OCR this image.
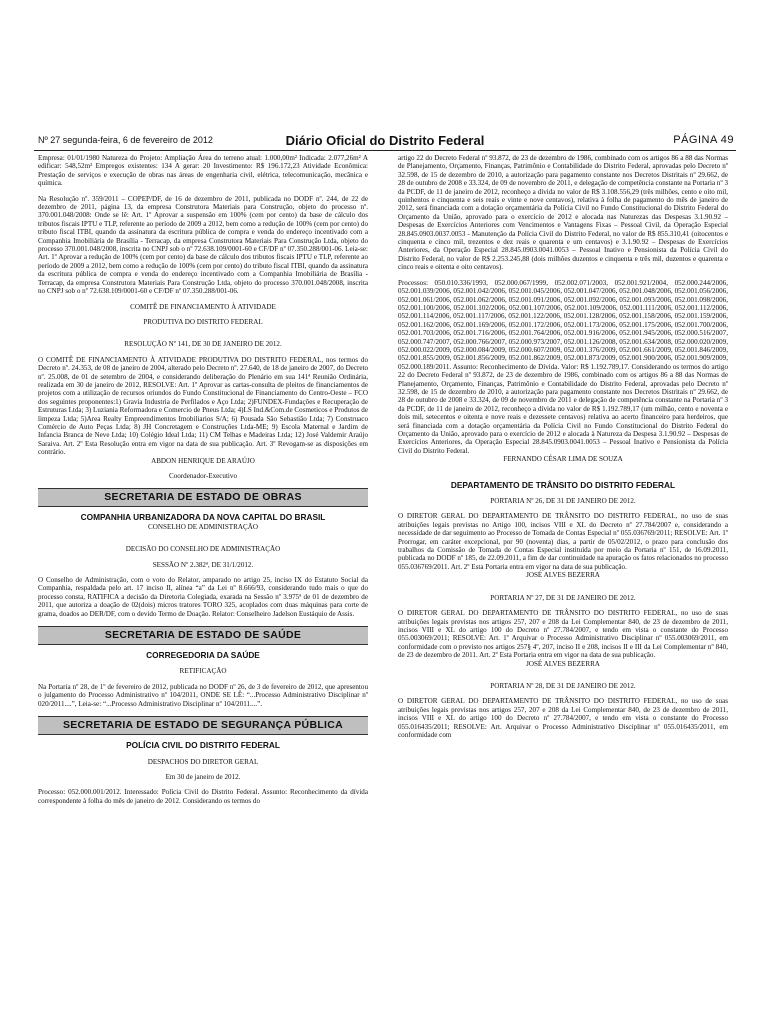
Nº 27 segunda-feira, 6 de fevereiro de 2012	Diário Oficial do Distrito Federal	PÁGINA 49

Empresa: 01/01/1980 Natureza do Projeto: Ampliação Área do terreno atual: 1.000,00m² Indicada: 2.077,26m² A edificar: 548,52m² Empregos existentes: 134 A gerar: 20 Investimento: R$ 196.172,23 Atividade Econômica: Prestação de serviços e execução de obras nas áreas de engenharia civil, elétrica, telecomunicação, mecânica e química.

Na Resolução nº. 359/2011 – COPEP/DF, de 16 de dezembro de 2011, publicada no DODF nº. 244, de 22 de dezembro de 2011, página 13, da empresa Construtora Materiais para Construção, objeto do processo nº. 370.001.048/2008: Onde se lê: Art. 1º Aprovar a suspensão em 100% (cem por cento) da base de cálculo dos tributos fiscais IPTU e TLP, referente ao período de 2009 a 2012, bem como a redução de 100% (cem por cento) do tributo fiscal ITBI, quando da assinatura da escritura pública de compra e venda do endereço incentivado com a Companhia Imobiliária de Brasília - Terracap, da empresa Construtora Materiais Para Construção Ltda, objeto do processo 370.001.048/2008, inscrita no CNPJ sob o nº 72.638.109/0001-60 e CF/DF nº 07.350.288/001-06. Leia-se: Art. 1º Aprovar a redução de 100% (cem por cento) da base de cálculo dos tributos fiscais IPTU e TLP, referente ao período de 2009 a 2012, bem como a redução de 100% (cem por cento) do tributo fiscal ITBI, quando da assinatura da escritura pública de compra e venda do endereço incentivado com a Companhia Imobiliária de Brasília - Terracap, da empresa Construtora Materiais Para Construção Ltda, objeto do processo 370.001.048/2008, inscrita no CNPJ sob o nº 72.638.109/0001-60 e CF/DF nº 07.350.288/001-06.

COMITÊ DE FINANCIAMENTO À ATIVIDADE

PRODUTIVA DO DISTRITO FEDERAL

RESOLUÇÃO Nº 141, DE 30 DE JANEIRO DE 2012.

O COMITÊ DE FINANCIAMENTO À ATIVIDADE PRODUTIVA DO DISTRITO FEDERAL, nos termos do Decreto nº. 24.353, de 08 de janeiro de 2004, alterado pelo Decreto nº. 27.640, de 18 de janeiro de 2007, do Decreto nº. 25.008, de 01 de setembro de 2004, e considerando deliberação do Plenário em sua 141ª Reunião Ordinária, realizada em 30 de janeiro de 2012, RESOLVE: Art. 1º Aprovar as cartas-consulta de pleitos de financiamentos de projetos com a utilização de recursos oriundos do Fundo Constitucional de Financiamento do Centro-Oeste – FCO dos seguintes proponentes:1) Gravia Industria de Perfilados e Aço Ltda; 2)FUNDEX-Fundações e Recuperação de Estruturas Ltda; 3) Luziania Reformadora e Comercio de Pneus Ltda; 4)LS Ind.&Com.de Cosmeticos e Produtos de limpeza Ltda; 5)Area Realty Empreendimentos Imobiliarios S/A; 6) Pousada São Sebastião Ltda; 7) Construaco Comércio de Auto Peças Ltda; 8) JH Concretagem e Construções Ltda-ME; 9) Escola Maternal e Jardim de Infancia Branca de Neve Ltda; 10) Colégio Ideal Ltda; 11) CM Telhas e Madeiras Ltda; 12) José Valdemir Araújo Saraiva. Art. 2º Esta Resolução entra em vigor na data de sua publicação. Art. 3º Revogam-se as disposições em contrário.

ABDON HENRIQUE DE ARAÚJO

Coordenador-Executivo

SECRETARIA DE ESTADO DE OBRAS
COMPANHIA URBANIZADORA DA NOVA CAPITAL DO BRASIL

CONSELHO DE ADMINISTRAÇÃO

DECISÃO DO CONSELHO DE ADMINISTRAÇÃO

SESSÃO Nº 2.382ª, DE 31/1/2012.

O Conselho de Administração, com o voto do Relator, amparado no artigo 25, inciso IX do Estatuto Social da Companhia, respaldada pelo art. 17 inciso II, alínea “a” da Lei nº 8.666/93, considerando tudo mais o que do processo consta, RATIFICA a decisão da Diretoria Colegiada, exarada na Sessão nº 3.975ª de 01 de dezembro de 2011, que autoriza a doação de 02(dois) micros tratores TORO 325, acoplados com duas máquinas para corte de grama, doados ao DER/DF, com o devido Termo de Doação. Relator: Conselheiro Jadelson Eustáquio de Assis.

SECRETARIA DE ESTADO DE SAÚDE
CORREGEDORIA DA SAÚDE

RETIFICAÇÃO

Na Portaria nº 28, de 1º de fevereiro de 2012, publicada no DODF nº 26, de 3 de fevereiro de 2012, que apresentou o julgamento do Processo Administrativo nº 104/2011, ONDE SE LÊ: “...Processo Administrativo Disciplinar nº 020/2011....”, Leia-se: “...Processo Administrativo Disciplinar nº 104/2011....”.

SECRETARIA DE ESTADO DE SEGURANÇA PÚBLICA
POLÍCIA CIVIL DO DISTRITO FEDERAL

DESPACHOS DO DIRETOR GERAL

Em 30 de janeiro de 2012.

Processo: 052.000.001/2012. Interessado: Polícia Civil do Distrito Federal. Assunto: Reconhecimento da dívida correspondente à folha do mês de janeiro de 2012. Considerando os termos do

artigo 22 do Decreto Federal nº 93.872, de 23 de dezembro de 1986, combinado com os artigos 86 a 88 das Normas de Planejamento, Orçamento, Finanças, Patrimônio e Contabilidade do Distrito Federal, aprovadas pelo Decreto nº 32.598, de 15 de dezembro de 2010, a autorização para pagamento constante nos Decretos Distritais nº 29.662, de 28 de outubro de 2008 e 33.324, de 09 de novembro de 2011, e delegação de competência constante na Portaria nº 3 da PCDF, de 11 de janeiro de 2012, reconheço a dívida no valor de R$ 3.108.556,29 (três milhões, cento e oito mil, quinhentos e cinquenta e seis reais e vinte e nove centavos), relativa à folha de pagamento do mês de janeiro de 2012, será financiada com a dotação orçamentária da Polícia Civil no Fundo Constitucional do Distrito Federal do Orçamento da União, aprovado para o exercício de 2012 e alocada nas Naturezas das Despesas 3.1.90.92 – Despesas de Exercícios Anteriores com Vencimentos e Vantagens Fixas – Pessoal Civil, da Operação Especial 28.845.0903.0037.0053 - Manutenção da Polícia Civil do Distrito Federal, no valor de R$ 855.310,41 (oitocentos e cinquenta e cinco mil, trezentos e dez reais e quarenta e um centavos) e 3.1.90.92 – Despesas de Exercícios Anteriores, da Operação Especial 28.845.0903.0041.0053 – Pessoal Inativo e Pensionista da Polícia Civil do Distrito Federal, no valor de R$ 2.253.245,88 (dois milhões duzentos e cinquenta e três mil, duzentos e quarenta e cinco reais e oitenta e oito centavos).

Processos: 050.010.336/1993, 052.000.067/1999, 052.002.071/2003, 052.001.921/2004, 052.000.244/2006, 052.001.039/2006, 052.001.042/2006, 052.001.045/2006, 052.001.047/2006, 052.001.048/2006, 052.001.056/2006, 052.001.061/2006, 052.001.062/2006, 052.001.091/2006, 052.001.092/2006, 052.001.093/2006, 052.001.098/2006, 052.001.100/2006, 052.001.102/2006, 052.001.107/2006, 052.001.109/2006, 052.001.111/2006, 052.001.112/2006, 052.001.114/2006, 052.001.117/2006, 052.001.122/2006, 052.001.128/2006, 052.001.158/2006, 052.001.159/2006, 052.001.162/2006, 052.001.169/2006, 052.001.172/2006, 052.001.173/2006, 052.001.175/2006, 052.001.700/2006, 052.001.703/2006, 052.001.716/2006, 052.001.764/2006, 052.001.916/2006, 052.001.945/2006, 052.000.516/2007, 052.000.747/2007, 052.000.766/2007, 052.000.973/2007, 052.001.126/2008, 052.001.634/2008, 052.000.020/2009, 052.000.022/2009, 052.000.084/2009, 052.000.607/2009, 052.001.376/2009, 052.001.661/2009, 052.001.846/2009, 052.001.855/2009, 052.001.856/2009, 052.001.862/2009, 052.001.873/2009, 052.001.900/2006, 052.001.909/2009, 052.000.189/2011. Assunto: Reconhecimento de Dívida. Valor: R$ 1.192.789,17. Considerando os termos do artigo 22 do Decreto Federal nº 93.872, de 23 de dezembro de 1986, combinado com os artigos 86 a 88 das Normas de Planejamento, Orçamento, Finanças, Patrimônio e Contabilidade do Distrito Federal, aprovadas pelo Decreto nº 32.598, de 15 de dezembro de 2010, a autorização para pagamento constante nos Decretos Distritais nº 29.662, de 28 de outubro de 2008 e 33.324, de 09 de novembro de 2011 e delegação de competência constante na Portaria nº 3 da PCDF, de 11 de janeiro de 2012, reconheço a dívida no valor de R$ 1.192.789,17 (um milhão, cento e noventa e dois mil, setecentos e oitenta e nove reais e dezessete centavos) relativa ao acerto financeiro para herdeiros, que será financiada com a dotação orçamentária da Polícia Civil no Fundo Constitucional do Distrito Federal do Orçamento da União, aprovado para o exercício de 2012 e alocada à Natureza da Despesa 3.1.90.92 – Despesas de Exercícios Anteriores, da Operação Especial 28.845.0903.0041.0053 – Pessoal Inativo e Pensionista da Polícia Civil do Distrito Federal.

FERNANDO CÉSAR LIMA DE SOUZA

DEPARTAMENTO DE TRÂNSITO DO DISTRITO FEDERAL

PORTARIA Nº 26, DE 31 DE JANEIRO DE 2012.

O DIRETOR GERAL DO DEPARTAMENTO DE TRÂNSITO DO DISTRITO FEDERAL, no uso de suas atribuições legais previstas no Artigo 100, incisos VIII e XL do Decreto nº 27.784/2007 e, considerando a necessidade de dar seguimento ao Processo de Tomada de Contas Especial nº 055.036769/2011; RESOLVE: Art. 1º Prorrogar, em caráter excepcional, por 90 (noventa) dias, a partir de 05/02/2012, o prazo para conclusão dos trabalhos da Comissão de Tomada de Contas Especial instituída por meio da Portaria nº 151, de 16.09.2011, publicada no DODF nº 185, de 22.09.2011, a fim de dar continuidade na apuração os fatos relacionados no processo 055.036769/2011. Art. 2º Esta Portaria entra em vigor na data de sua publicação.

JOSÉ ALVES BEZERRA

PORTARIA Nº 27, DE 31 DE JANEIRO DE 2012.

O DIRETOR GERAL DO DEPARTAMENTO DE TRÂNSITO DO DISTRITO FEDERAL, no uso de suas atribuições legais previstas nos artigos 257, 207 e 208 da Lei Complementar 840, de 23 de dezembro de 2011, incisos VIII e XL do artigo 100 do Decreto nº 27.784/2007, e tendo em vista o constante do Processo 055.003069/2011; RESOLVE: Art. 1º Arquivar o Processo Administrativo Disciplinar nº 055.003069/2011, em conformidade com o previsto nos artigos 257§ 4º, 207, inciso II e 208, incisos II e III da Lei Complementar nº 840, de 23 de dezembro de 2011. Art. 2º Esta Portaria entra em vigor na data de sua publicação.

JOSÉ ALVES BEZERRA

PORTARIA Nº 28, DE 31 DE JANEIRO DE 2012.

O DIRETOR GERAL DO DEPARTAMENTO DE TRÂNSITO DO DISTRITO FEDERAL, no uso de suas atribuições legais previstas nos artigos 257, 207 e 208 da Lei Complementar 840, de 23 de dezembro de 2011, incisos VIII e XL do artigo 100 do Decreto nº 27.784/2007, e tendo em vista o constante do Processo 055.016435/2011; RESOLVE: Art. Arquivar o Processo Administrativo Disciplinar nº 055.016435/2011, em conformidade com
